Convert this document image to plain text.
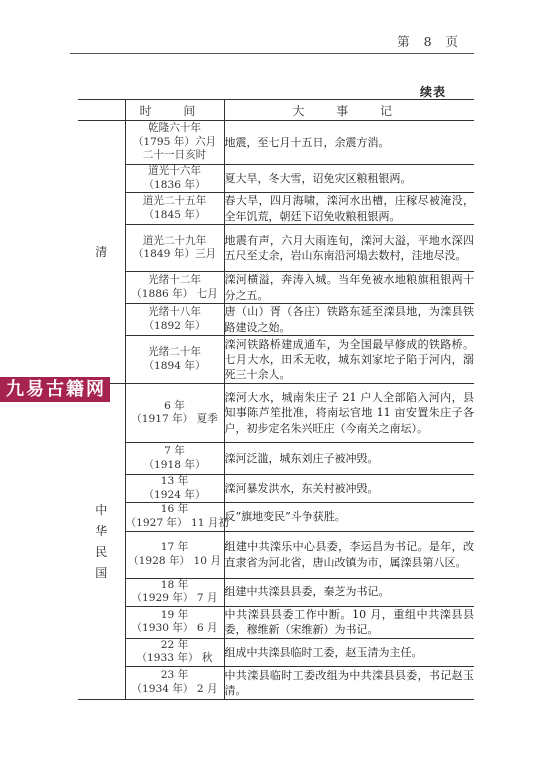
第 8 页
续表
	时 间	大 事 记

清	乾隆六十年
（1795 年）六月
二十一日亥时	地震，至七月十五日，余震方消。

	道光十六年
（1836 年）	夏大旱，冬大雪，诏免灾区粮租银两。

	道光二十五年
（1845 年）	春大旱，四月海啸，滦河水出槽，庄稼尽被淹没，全年饥荒，朝廷下诏免收粮租银两。

	道光二十九年
（1849 年）三月	地震有声，六月大雨连旬，滦河大溢，平地水深四五尺至丈余，岩山东南沿河塌去数村，洼地尽没。

	光绪十二年
（1886 年） 七月	滦河横溢，奔涛入城。当年免被水地粮旗租银两十分之五。

	光绪十八年
（1892 年）	唐（山）胥（各庄）铁路东延至滦县地，为滦县铁路建设之始。

	光绪二十年
（1894 年）	滦河铁路桥建成通车，为全国最早修成的铁路桥。七月大水，田禾无收，城东刘家坨子陷于河内，溺死三十余人。

中
华
民
国	6 年
（1917 年） 夏季	滦河大水，城南朱庄子 21 户人全部陷入河内，县知事陈芦笙批准，将南坛官地 11 亩安置朱庄子各户，初步定名朱兴旺庄（今南关之南坛）。

	7 年
（1918 年）	滦河泛滥，城东刘庄子被冲毁。

	13 年
（1924 年）	滦河暴发洪水，东关村被冲毁。

	16 年
（1927 年） 11 月初	反“旗地变民”斗争获胜。

	17 年
（1928 年） 10 月	组建中共滦乐中心县委，李运昌为书记。是年，改直隶省为河北省，唐山改镇为市，属滦县第八区。

	18 年
（1929 年） 7 月	组建中共滦县县委，秦芝为书记。

	19 年
（1930 年） 6 月	中共滦县县委工作中断。10 月，重组中共滦县县委，穆维新（宋维新）为书记。

	22 年
（1933 年） 秋	组成中共滦县临时工委，赵玉清为主任。

	23 年
（1934 年） 2 月	中共滦县临时工委改组为中共滦县县委，书记赵玉清。
九易古籍网
